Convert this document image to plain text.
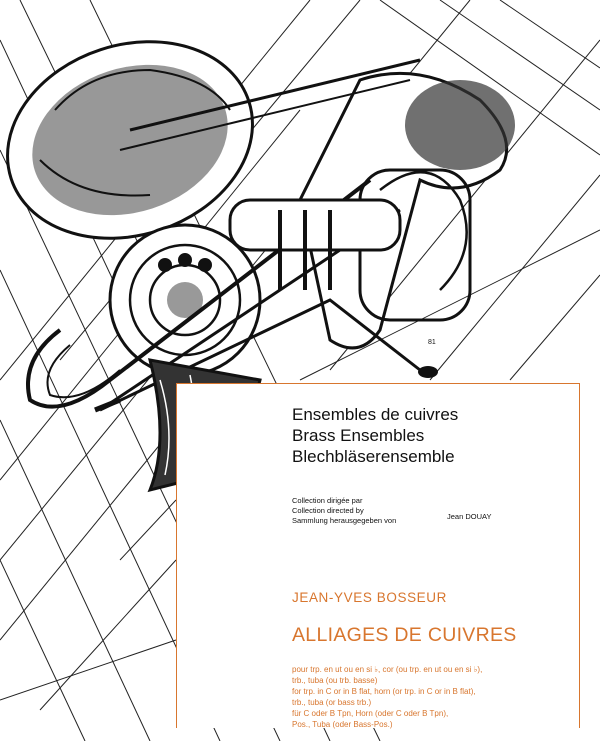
81
Ensembles de cuivres
Brass Ensembles
Blechbläserensemble
Collection dirigée par
Collection directed by
Sammlung herausgegeben von	Jean DOUAY
JEAN-YVES BOSSEUR
ALLIAGES DE CUIVRES
pour trp. en ut ou en si ♭, cor (ou trp. en ut ou en si ♭),
trb., tuba (ou trb. basse)
for trp. in C or in B flat, horn (or trp. in C or in B flat),
trb., tuba (or bass trb.)
für C oder B Tpn, Horn (oder C oder B Tpn),
Pos., Tuba (oder Bass-Pos.)
